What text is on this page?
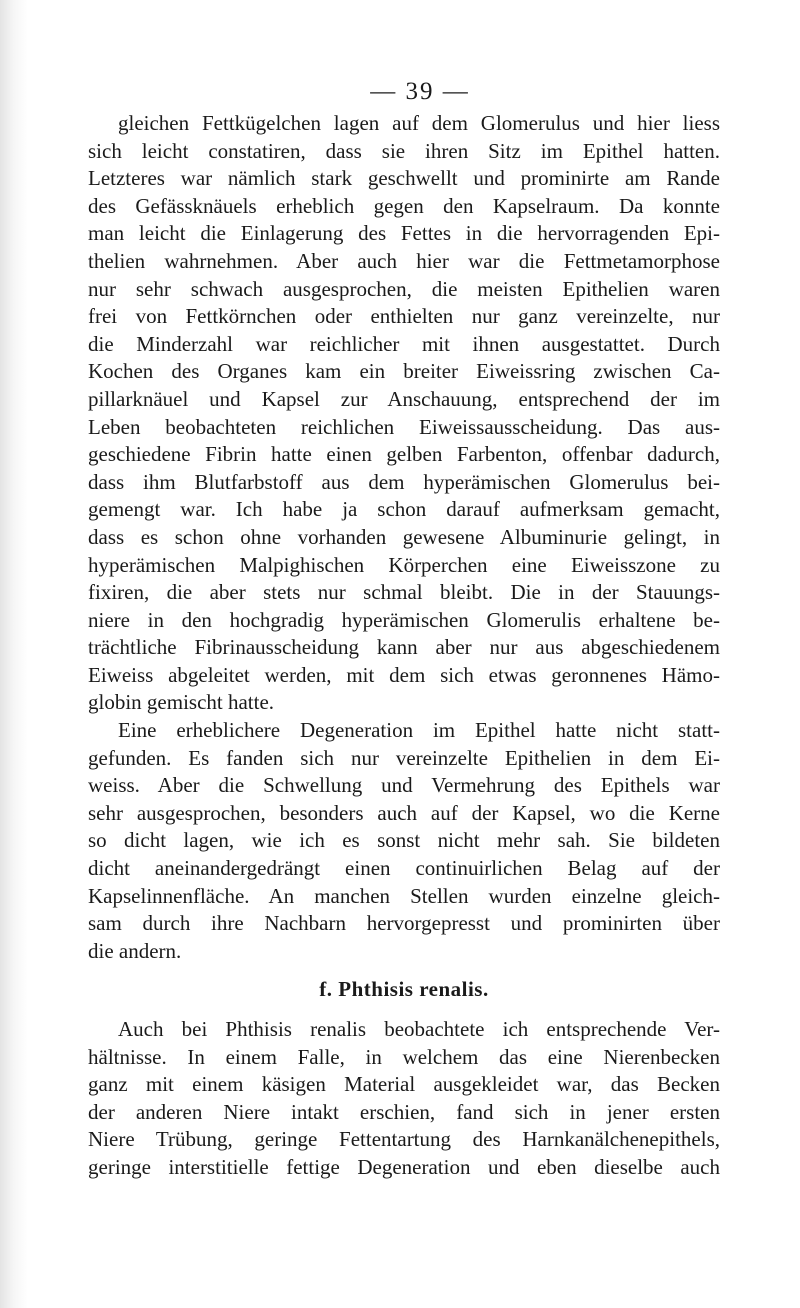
— 39 —
gleichen Fettkügelchen lagen auf dem Glomerulus und hier liess
sich leicht constatiren, dass sie ihren Sitz im Epithel hatten.
Letzteres war nämlich stark geschwellt und prominirte am Rande
des Gefässknäuels erheblich gegen den Kapselraum. Da konnte
man leicht die Einlagerung des Fettes in die hervorragenden Epi-
thelien wahrnehmen. Aber auch hier war die Fettmetamorphose
nur sehr schwach ausgesprochen, die meisten Epithelien waren
frei von Fettkörnchen oder enthielten nur ganz vereinzelte, nur
die Minderzahl war reichlicher mit ihnen ausgestattet. Durch
Kochen des Organes kam ein breiter Eiweissring zwischen Ca-
pillarknäuel und Kapsel zur Anschauung, entsprechend der im
Leben beobachteten reichlichen Eiweissausscheidung. Das aus-
geschiedene Fibrin hatte einen gelben Farbenton, offenbar dadurch,
dass ihm Blutfarbstoff aus dem hyperämischen Glomerulus bei-
gemengt war. Ich habe ja schon darauf aufmerksam gemacht,
dass es schon ohne vorhanden gewesene Albuminurie gelingt, in
hyperämischen Malpighischen Körperchen eine Eiweisszone zu
fixiren, die aber stets nur schmal bleibt. Die in der Stauungs-
niere in den hochgradig hyperämischen Glomerulis erhaltene be-
trächtliche Fibrinausscheidung kann aber nur aus abgeschiedenem
Eiweiss abgeleitet werden, mit dem sich etwas geronnenes Hämo-
globin gemischt hatte.
Eine erheblichere Degeneration im Epithel hatte nicht statt-
gefunden. Es fanden sich nur vereinzelte Epithelien in dem Ei-
weiss. Aber die Schwellung und Vermehrung des Epithels war
sehr ausgesprochen, besonders auch auf der Kapsel, wo die Kerne
so dicht lagen, wie ich es sonst nicht mehr sah. Sie bildeten
dicht aneinandergedrängt einen continuirlichen Belag auf der
Kapselinnenfläche. An manchen Stellen wurden einzelne gleich-
sam durch ihre Nachbarn hervorgepresst und prominirten über
die andern.
f. Phthisis renalis.
Auch bei Phthisis renalis beobachtete ich entsprechende Ver-
hältnisse. In einem Falle, in welchem das eine Nierenbecken
ganz mit einem käsigen Material ausgekleidet war, das Becken
der anderen Niere intakt erschien, fand sich in jener ersten
Niere Trübung, geringe Fettentartung des Harnkanälchenepithels,
geringe interstitielle fettige Degeneration und eben dieselbe auch
